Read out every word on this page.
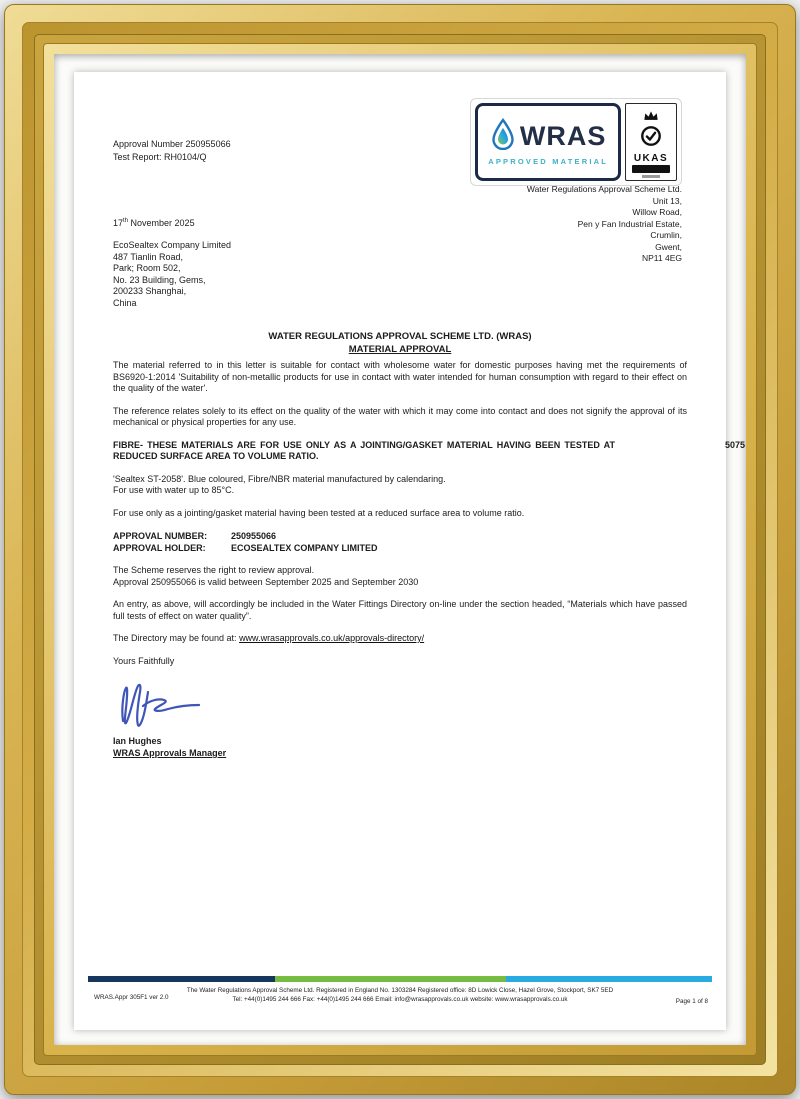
Approval Number 250955066
Test Report: RH0104/Q
WRAS
APPROVED MATERIAL	UKAS
Water Regulations Approval Scheme Ltd.
Unit 13,
Willow Road,
Pen y Fan Industrial Estate,
Crumlin,
Gwent,
NP11 4EG
17th November 2025
EcoSealtex Company Limited
487 Tianlin Road,
Park; Room 502,
No. 23 Building, Gems,
200233 Shanghai,
China
WATER REGULATIONS APPROVAL SCHEME LTD. (WRAS)
MATERIAL APPROVAL

The material referred to in this letter is suitable for contact with wholesome water for domestic purposes having met the requirements of BS6920-1:2014 'Suitability of non-metallic products for use in contact with water intended for human consumption with regard to their effect on the quality of the water'.

The reference relates solely to its effect on the quality of the water with which it may come into contact and does not signify the approval of its mechanical or physical properties for any use.

FIBRE- THESE MATERIALS ARE FOR USE ONLY AS A JOINTING/GASKET MATERIAL HAVING BEEN TESTED AT REDUCED SURFACE AREA TO VOLUME RATIO.
5075

'Sealtex ST-2058'. Blue coloured, Fibre/NBR material manufactured by calendaring.
For use with water up to 85°C.

For use only as a jointing/gasket material having been tested at a reduced surface area to volume ratio.

APPROVAL NUMBER:	250955066
APPROVAL HOLDER:	ECOSEALTEX COMPANY LIMITED

The Scheme reserves the right to review approval.
Approval 250955066 is valid between September 2025 and September 2030

An entry, as above, will accordingly be included in the Water Fittings Directory on-line under the section headed, “Materials which have passed full tests of effect on water quality”.

The Directory may be found at: www.wrasapprovals.co.uk/approvals-directory/

Yours Faithfully

Ian Hughes
WRAS Approvals Manager
The Water Regulations Approval Scheme Ltd. Registered in England No. 1303284 Registered office: 8D Lowick Close, Hazel Grove, Stockport, SK7 5ED
Tel: +44(0)1495 244 666 Fax: +44(0)1495 244 666 Email: info@wrasapprovals.co.uk website: www.wrasapprovals.co.uk
WRAS.Appr 305F1 ver 2.0
Page 1 of 8
